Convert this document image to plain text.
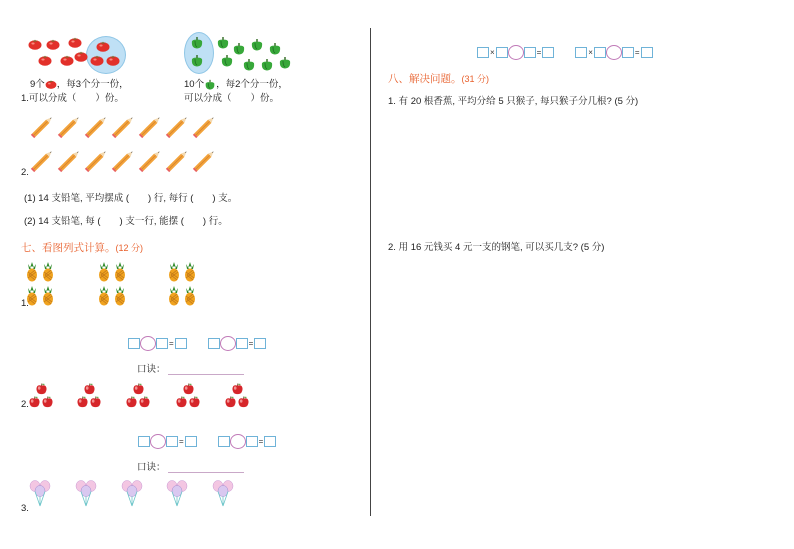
9个 ，每3个分一份，
1.可以分成（　　）份。
10个 ，每2个分一份，
可以分成（　　）份。
2.
(1) 14 支铅笔, 平均摆成 (　　) 行, 每行 (　　) 支。
(2) 14 支铅笔, 每 (　　) 支一行, 能摆 (　　) 行。
七、看图列式计算。(12 分)
1.
=	=
口诀：
2.
=	=
口诀：
3.
×	=	×	=
八、解决问题。(31 分)
1. 有 20 根香蕉, 平均分给 5 只猴子, 每只猴子分几根? (5 分)
2. 用 16 元钱买 4 元一支的钢笔, 可以买几支? (5 分)
